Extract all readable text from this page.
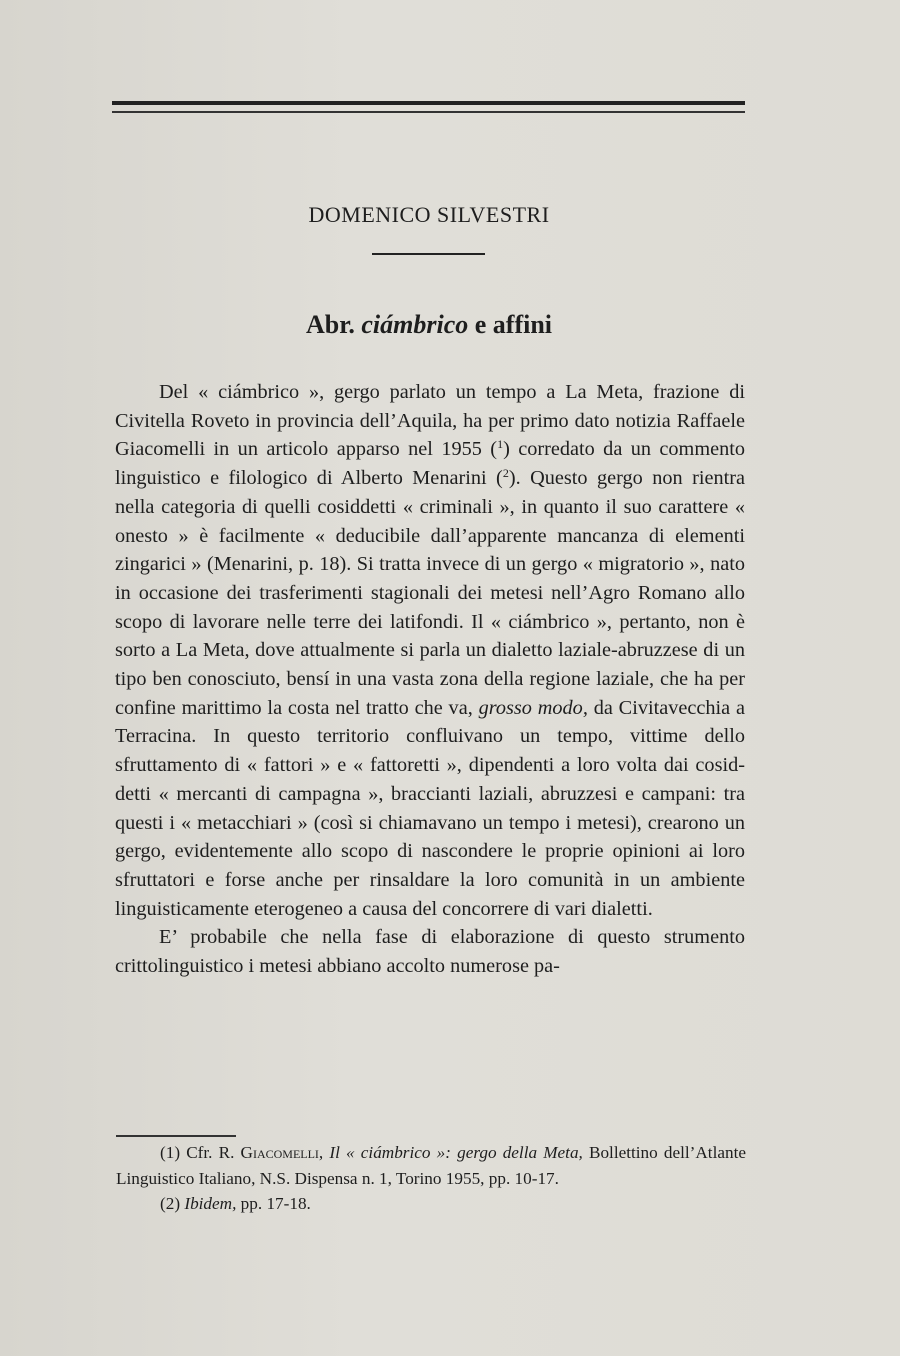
DOMENICO SILVESTRI
Abr. ciámbrico e affini

Del « ciámbrico », gergo parlato un tempo a La Meta, frazione di Civitella Roveto in provincia dell’Aquila, ha per primo dato notizia Raffaele Giacomelli in un articolo apparso nel 1955 ($^1$) corredato da un commento linguistico e filologico di Alberto Menarini ($^2$). Questo gergo non rientra nella categoria di quelli cosiddetti « criminali », in quanto il suo carattere « onesto » è facilmente « deducibile dall’apparente mancanza di elementi zingarici » (Menarini, p. 18). Si tratta invece di un gergo « migratorio », nato in occasione dei trasferimenti stagionali dei metesi nell’Agro Romano allo scopo di lavorare nelle terre dei latifondi. Il « ciámbrico », pertanto, non è sorto a La Meta, dove attualmente si parla un dialetto laziale-abruzzese di un tipo ben conosciuto, bensí in una vasta zona della regione laziale, che ha per confine marittimo la costa nel tratto che va, grosso modo, da Civitavecchia a Terracina. In questo territorio confluivano un tempo, vittime dello sfruttamento di « fattori » e « fattoretti », dipendenti a loro volta dai cosiddetti « mercanti di campagna », braccianti laziali, abruzzesi e campani: tra questi i « metacchiari » (così si chiamavano un tempo i metesi), crearono un gergo, evidentemente allo scopo di nascondere le proprie opinioni ai loro sfruttatori e forse anche per rinsaldare la loro comunità in un ambiente linguisticamente eterogeneo a causa del concorrere di vari dialetti.

E’ probabile che nella fase di elaborazione di questo strumento crittolinguistico i metesi abbiano accolto numerose pa-

(1) Cfr. R. Giacomelli, Il « ciámbrico »: gergo della Meta, Bollettino dell’Atlante Linguistico Italiano, N.S. Dispensa n. 1, Torino 1955, pp. 10-17.

(2) Ibidem, pp. 17-18.
